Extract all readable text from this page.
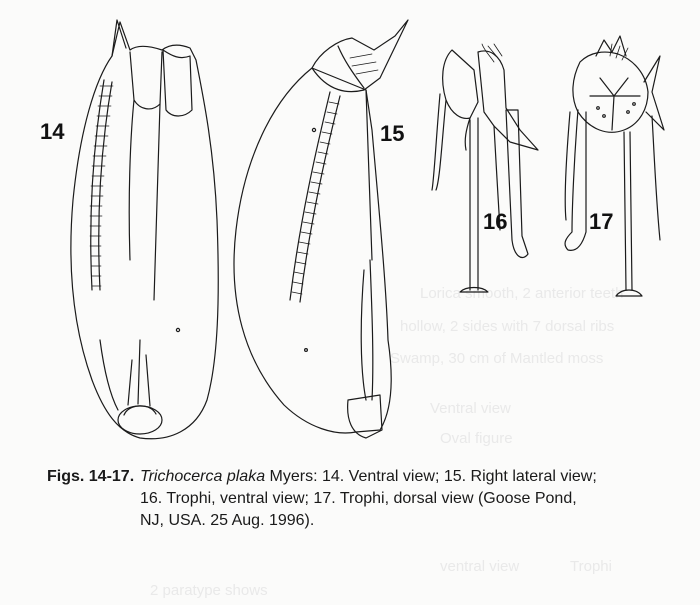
Lorica smooth, 2 anterior teeth
hollow, 2 sides with 7 dorsal ribs
Swamp, 30 cm of Mantled moss
Ventral view
Oval figure
ventral view	Trophi
2 paratype shows
14	15
16	17
Figs. 14-17. Trichocerca plaka Myers: 14. Ventral view; 15. Right lateral view;
16. Trophi, ventral view; 17. Trophi, dorsal view (Goose Pond,
NJ, USA. 25 Aug. 1996).
